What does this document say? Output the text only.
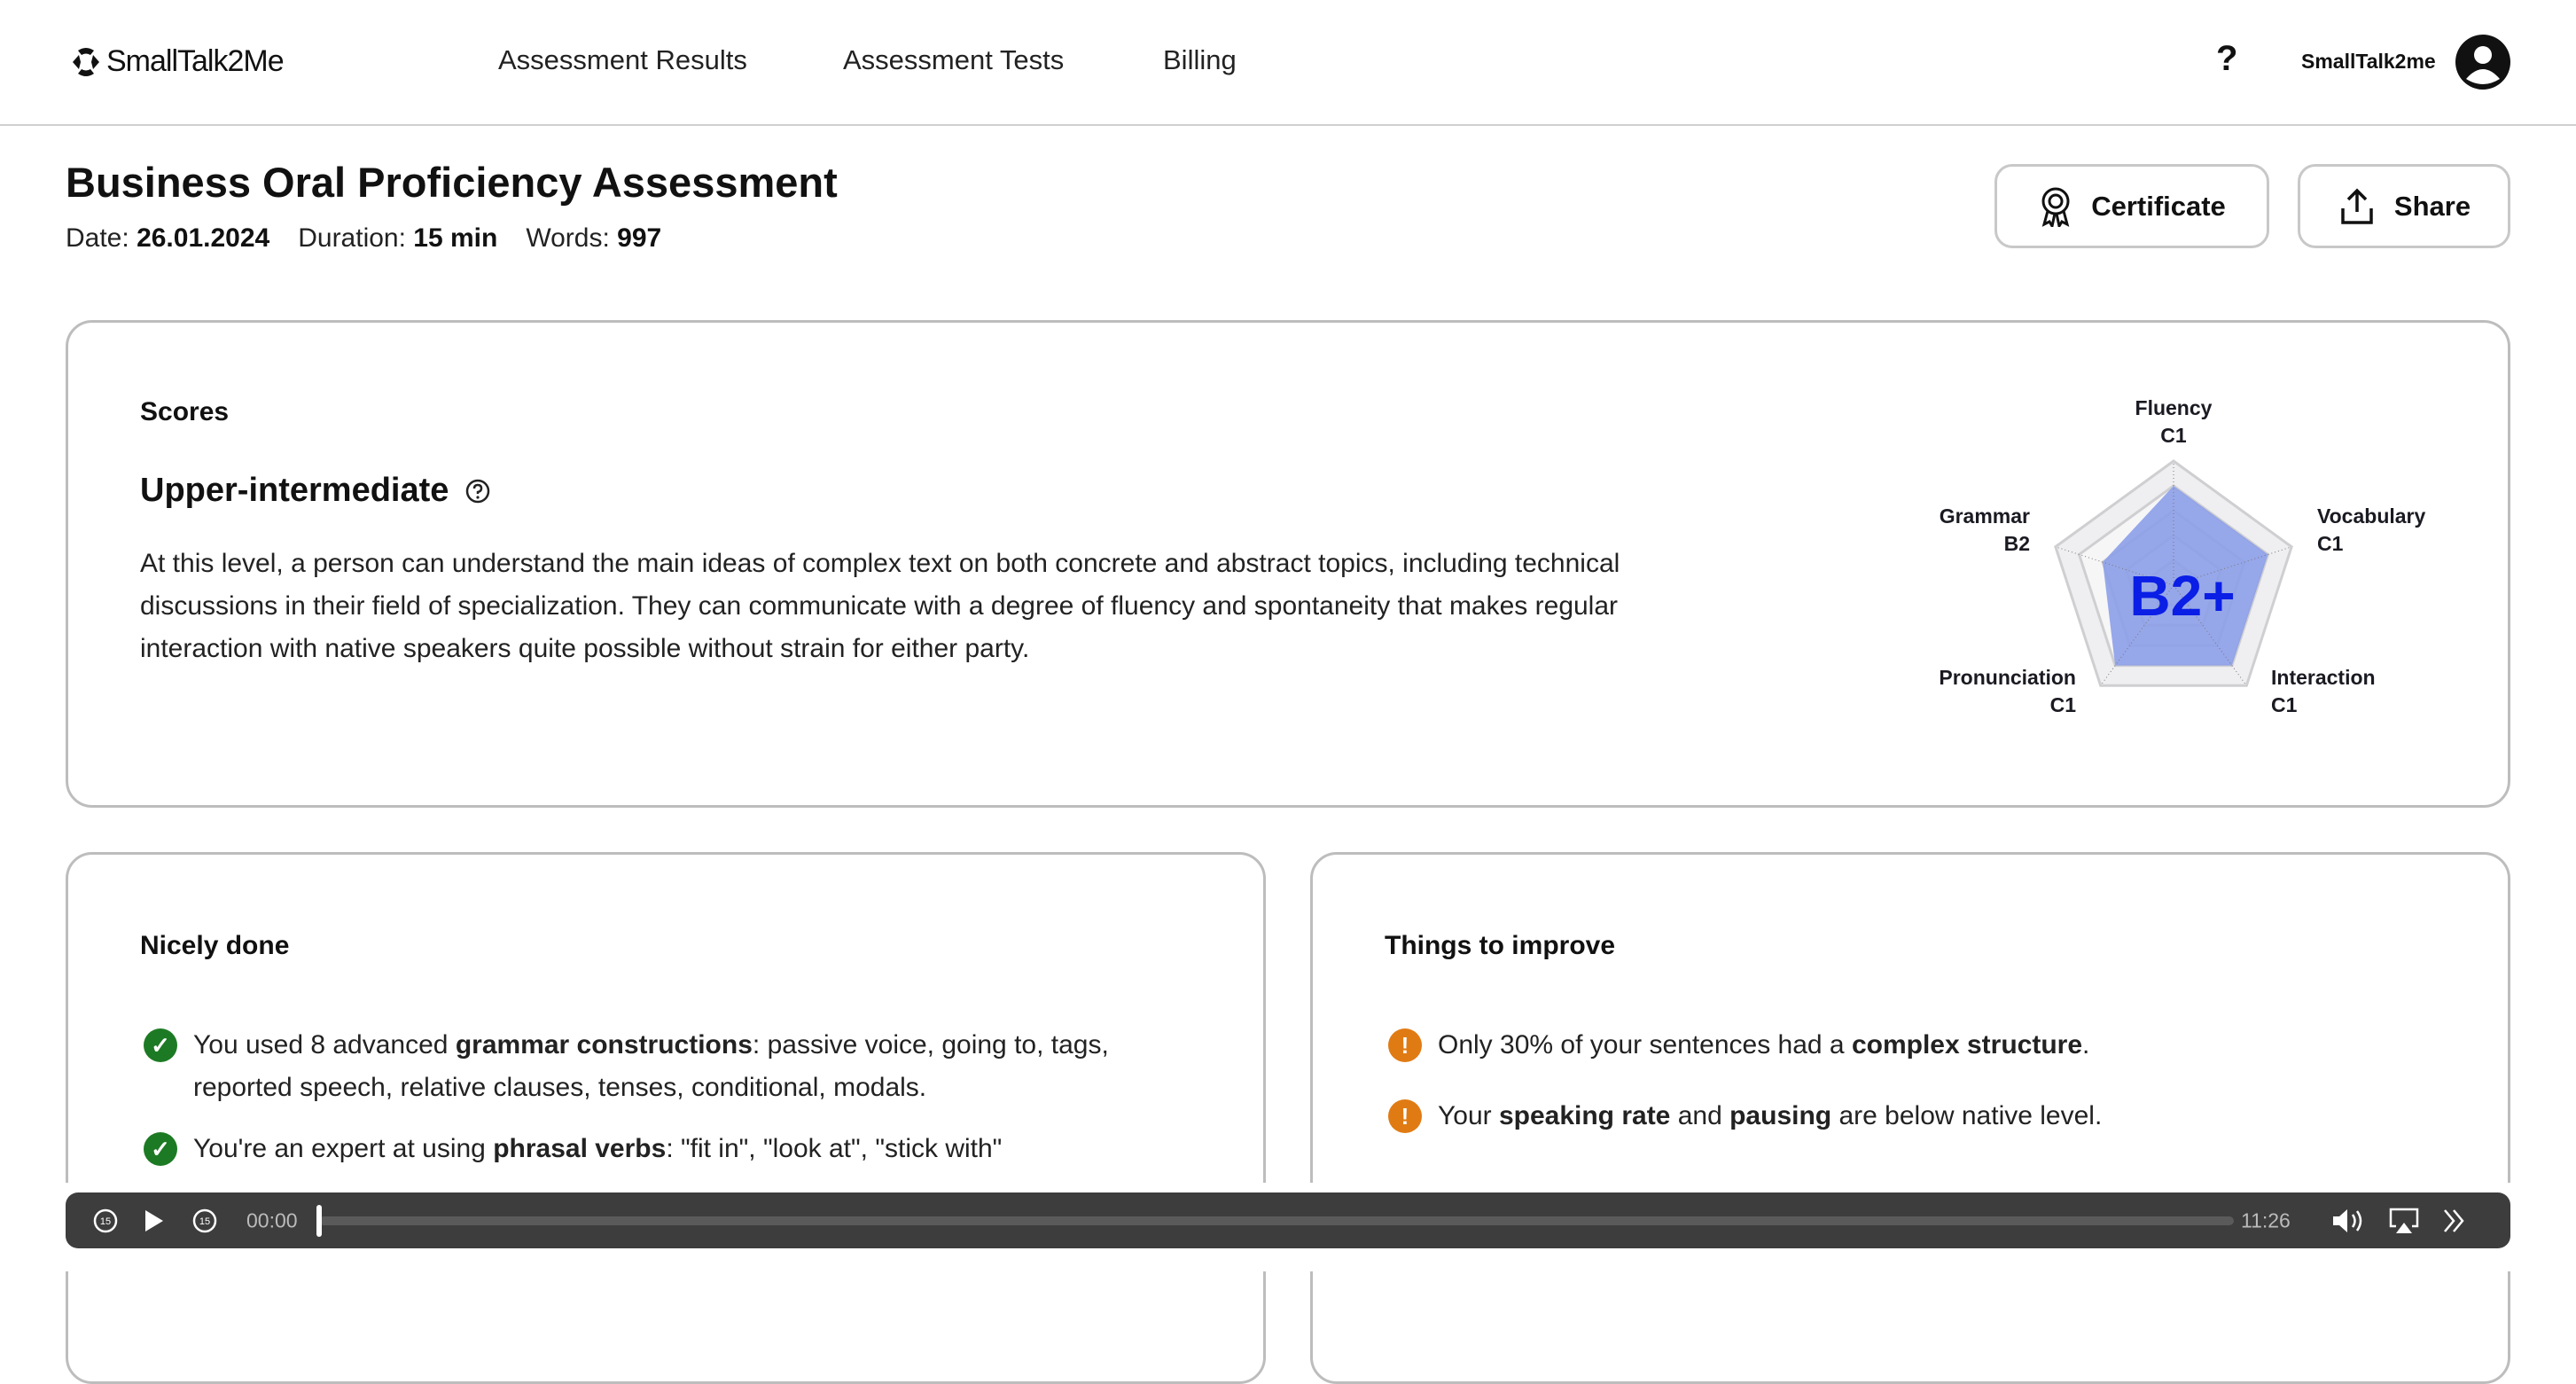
SmallTalk2Me	Assessment Results	Assessment Tests	Billing	?	SmallTalk2me
Business Oral Proficiency Assessment
Date: 26.01.2024 Duration: 15 min Words: 997
Certificate	Share
Scores
Upper-intermediate
At this level, a person can understand the main ideas of complex text on both concrete and abstract topics, including technical discussions in their field of specialization. They can communicate with a degree of fluency and spontaneity that makes regular interaction with native speakers quite possible without strain for either party.
Fluency
C1
Vocabulary
C1
Interaction
C1
Pronunciation
C1
Grammar
B2
B2+
Nicely done
✓ You used 8 advanced grammar constructions: passive voice, going to, tags, reported speech, relative clauses, tenses, conditional, modals.
✓ You're an expert at using phrasal verbs: "fit in", "look at", "stick with"
Things to improve
!	Only 30% of your sentences had a complex structure.
!	Your speaking rate and pausing are below native level.
15	15 00:00	11:26
